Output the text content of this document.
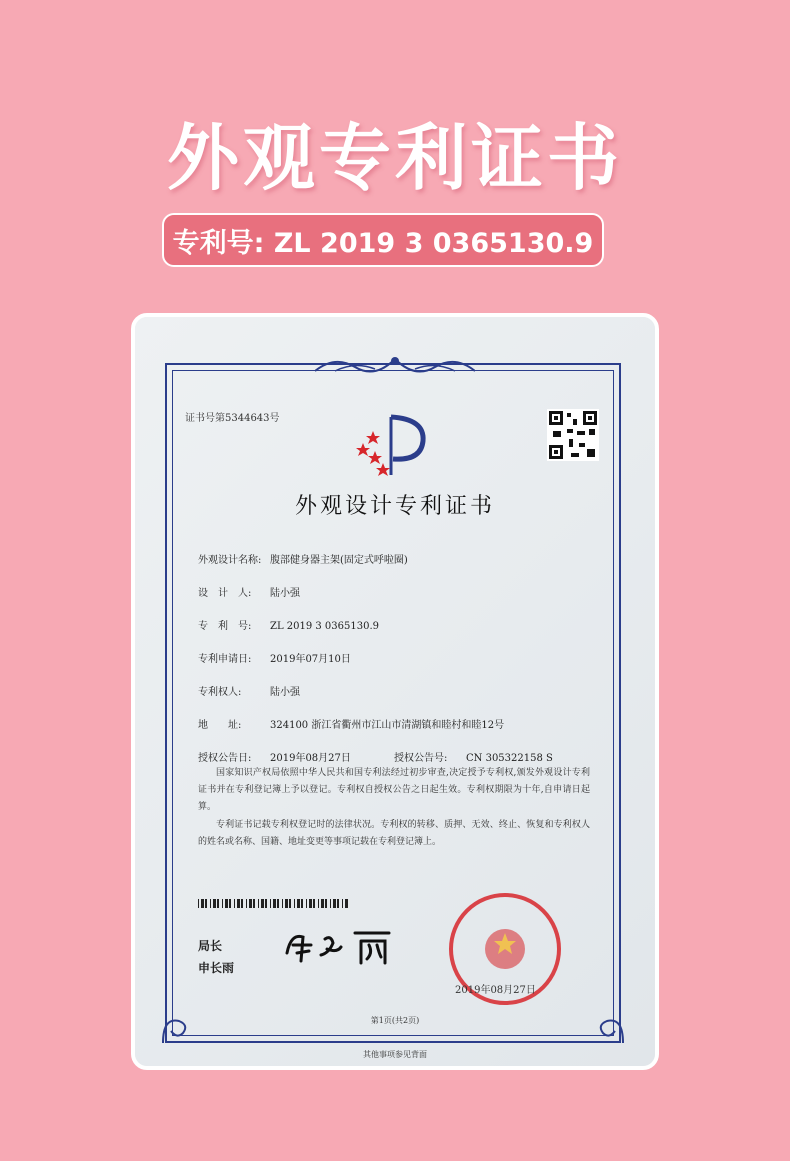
外观专利证书
专利号: ZL 2019 3 0365130.9
证书号第5344643号
外观设计专利证书
外观设计名称: 腹部健身器主架(固定式呼啦圈)
设　计　人: 陆小强
专　利　号: ZL 2019 3 0365130.9
专利申请日: 2019年07月10日
专利权人:	陆小强
地　　址:	324100 浙江省衢州市江山市清湖镇和睦村和睦12号
授权公告日: 2019年08月27日	授权公告号: CN 305322158 S
国家知识产权局依照中华人民共和国专利法经过初步审查,决定授予专利权,颁发外观设计专利证书并在专利登记簿上予以登记。专利权自授权公告之日起生效。专利权期限为十年,自申请日起算。
专利证书记载专利权登记时的法律状况。专利权的转移、质押、无效、终止、恢复和专利权人的姓名或名称、国籍、地址变更等事项记载在专利登记簿上。
局长
申长雨
2019年08月27日
第1页(共2页)
其他事项参见背面
